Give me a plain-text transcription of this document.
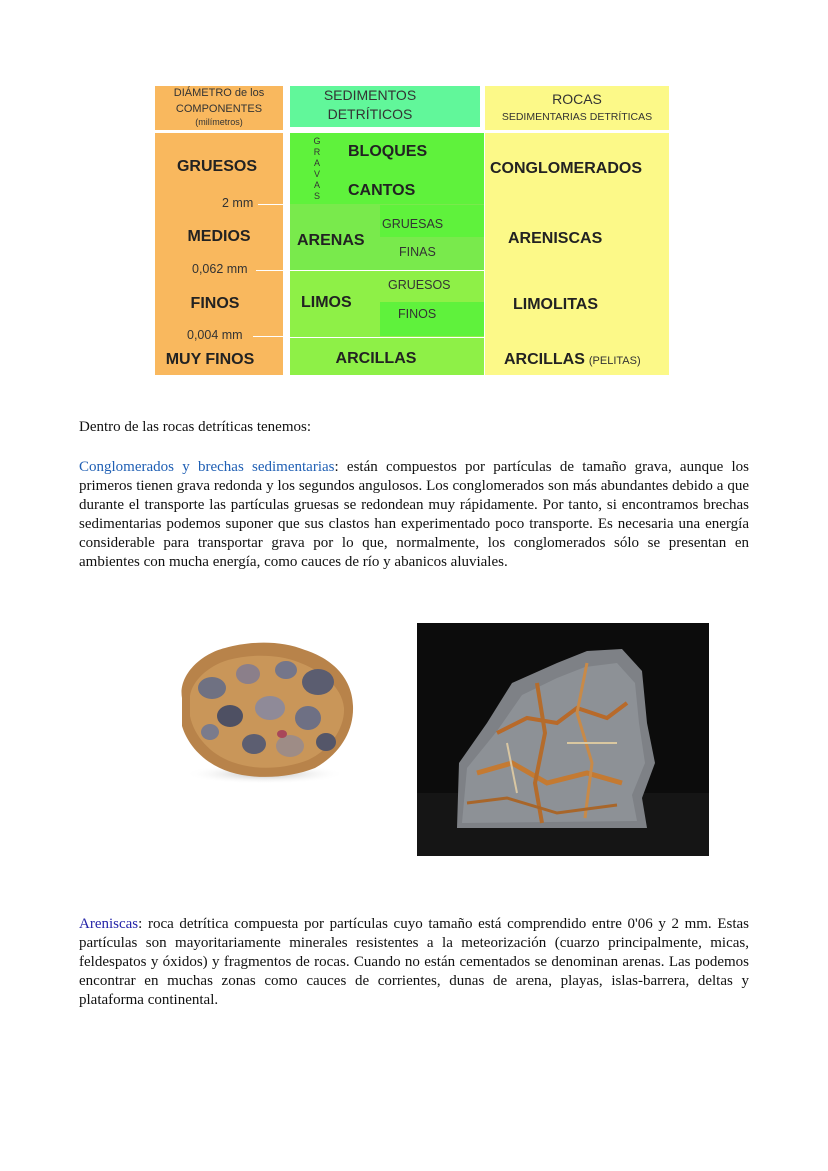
DIÁMETRO de los
COMPONENTES
(milímetros)
SEDIMENTOS
DETRÍTICOS
ROCAS
SEDIMENTARIAS DETRÍTICAS
GRUESOS
2 mm
MEDIOS
0,062 mm
FINOS
0,004 mm
MUY FINOS
G
R
A
V
A
S
BLOQUES
CANTOS
ARENAS
GRUESAS
FINAS
LIMOS
GRUESOS
FINOS
ARCILLAS
CONGLOMERADOS
ARENISCAS
LIMOLITAS
ARCILLAS (PELITAS)
Dentro de las rocas detríticas tenemos:
Conglomerados y brechas sedimentarias: están compuestos por partículas de tamaño grava, aunque los primeros tienen grava redonda y los segundos angulosos. Los conglomerados son más abundantes debido a que durante el transporte las partículas gruesas se redondean muy rápidamente. Por tanto, si encontramos brechas sedimentarias podemos suponer que sus clastos han experimentado poco transporte. Es necesaria una energía considerable para transportar grava por lo que, normalmente, los conglomerados sólo se presentan en ambientes con mucha energía, como cauces de río y abanicos aluviales.
Areniscas: roca detrítica compuesta por partículas cuyo tamaño está comprendido entre 0'06 y 2 mm. Estas partículas son mayoritariamente minerales resistentes a la meteorización (cuarzo principalmente, micas, feldespatos y óxidos) y fragmentos de rocas. Cuando no están cementados se denominan arenas. Las podemos encontrar en muchas zonas como cauces de corrientes, dunas de arena, playas, islas-barrera, deltas y plataforma continental.
